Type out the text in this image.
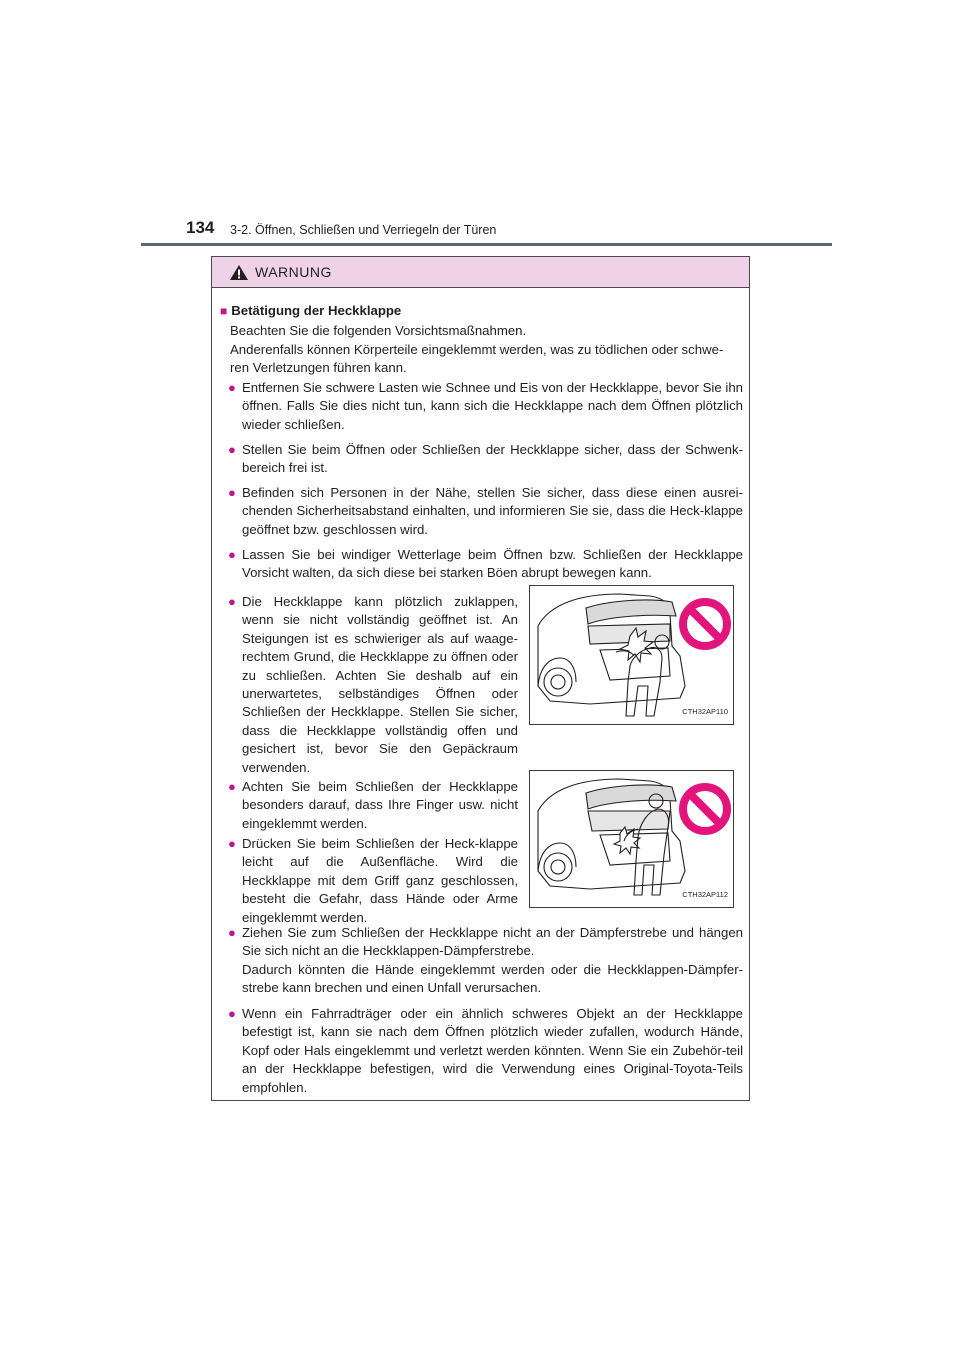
134 3-2. Öffnen, Schließen und Verriegeln der Türen
WARNUNG
■ Betätigung der Heckklappe
Beachten Sie die folgenden Vorsichtsmaßnahmen.
Anderenfalls können Körperteile eingeklemmt werden, was zu tödlichen oder schwe-ren Verletzungen führen kann.
● Entfernen Sie schwere Lasten wie Schnee und Eis von der Heckklappe, bevor Sie ihn öffnen. Falls Sie dies nicht tun, kann sich die Heckklappe nach dem Öffnen plötzlich wieder schließen.
● Stellen Sie beim Öffnen oder Schließen der Heckklappe sicher, dass der Schwenk-bereich frei ist.
● Befinden sich Personen in der Nähe, stellen Sie sicher, dass diese einen ausrei-chenden Sicherheitsabstand einhalten, und informieren Sie sie, dass die Heck-klappe geöffnet bzw. geschlossen wird.
● Lassen Sie bei windiger Wetterlage beim Öffnen bzw. Schließen der Heckklappe Vorsicht walten, da sich diese bei starken Böen abrupt bewegen kann.
● Die Heckklappe kann plötzlich zuklappen, wenn sie nicht vollständig geöffnet ist. An Steigungen ist es schwieriger als auf waage-rechtem Grund, die Heckklappe zu öffnen oder zu schließen. Achten Sie deshalb auf ein unerwartetes, selbständiges Öffnen oder Schließen der Heckklappe. Stellen Sie sicher, dass die Heckklappe vollständig offen und gesichert ist, bevor Sie den Gepäckraum verwenden.
● Achten Sie beim Schließen der Heckklappe besonders darauf, dass Ihre Finger usw. nicht eingeklemmt werden.
● Drücken Sie beim Schließen der Heck-klappe leicht auf die Außenfläche. Wird die Heckklappe mit dem Griff ganz geschlossen, besteht die Gefahr, dass Hände oder Arme eingeklemmt werden.
● Ziehen Sie zum Schließen der Heckklappe nicht an der Dämpferstrebe und hängen Sie sich nicht an die Heckklappen-Dämpferstrebe.
Dadurch könnten die Hände eingeklemmt werden oder die Heckklappen-Dämpfer-strebe kann brechen und einen Unfall verursachen.
● Wenn ein Fahrradträger oder ein ähnlich schweres Objekt an der Heckklappe befestigt ist, kann sie nach dem Öffnen plötzlich wieder zufallen, wodurch Hände, Kopf oder Hals eingeklemmt und verletzt werden könnten. Wenn Sie ein Zubehör-teil an der Heckklappe befestigen, wird die Verwendung eines Original-Toyota-Teils empfohlen.
CTH32AP110
CTH32AP112
